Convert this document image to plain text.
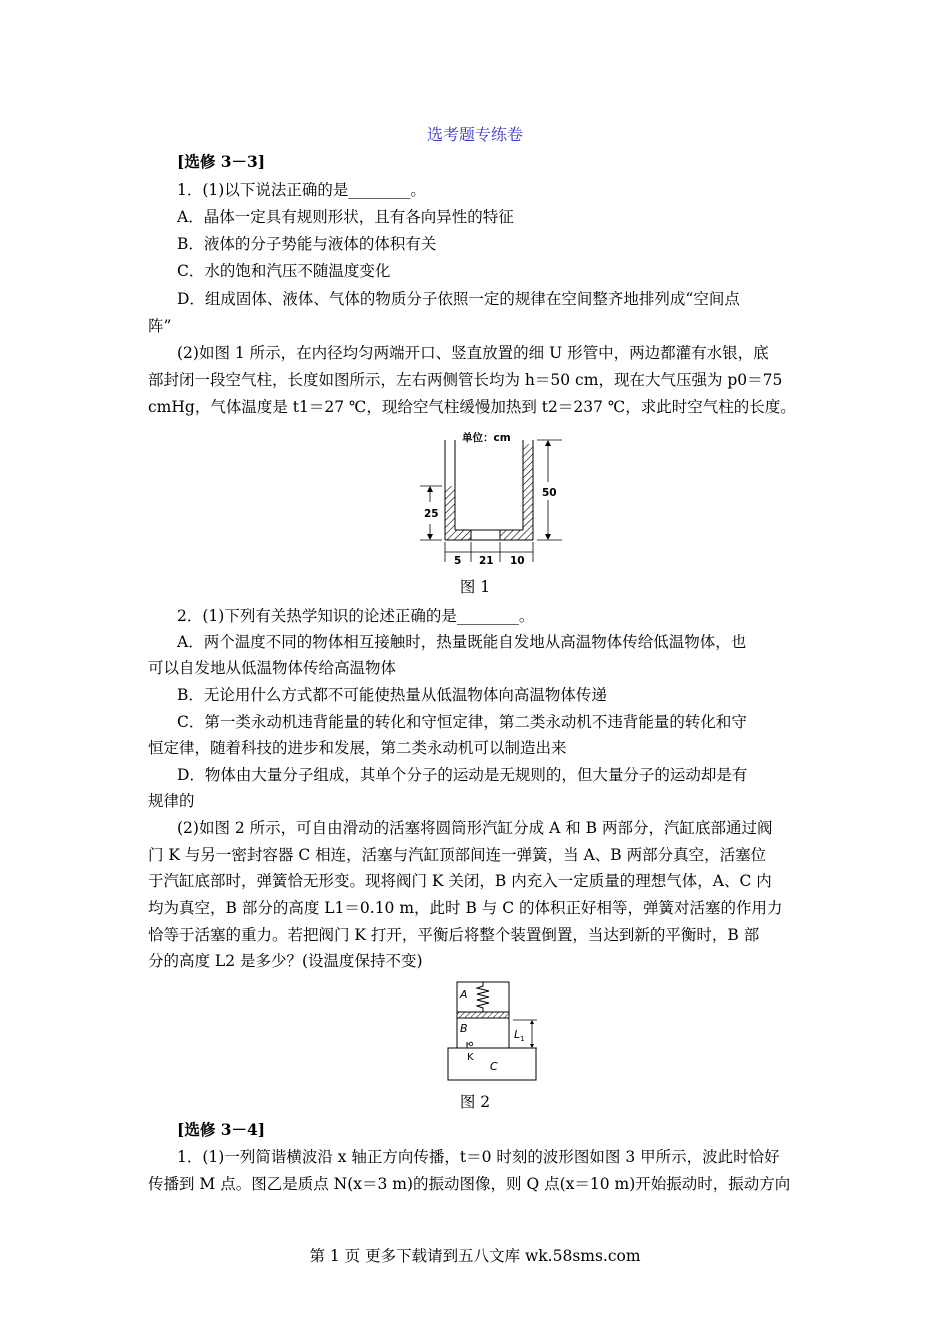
选考题专练卷
[选修 3－3]
1．(1)以下说法正确的是________。
A．晶体一定具有规则形状，且有各向异性的特征
B．液体的分子势能与液体的体积有关
C．水的饱和汽压不随温度变化
D．组成固体、液体、气体的物质分子依照一定的规律在空间整齐地排列成“空间点
阵”
(2)如图 1 所示，在内径均匀两端开口、竖直放置的细 U 形管中，两边都灌有水银，底
部封闭一段空气柱，长度如图所示，左右两侧管长均为 h＝50 cm，现在大气压强为 p0＝75
cmHg，气体温度是 t1＝27 ℃，现给空气柱缓慢加热到 t2＝237 ℃，求此时空气柱的长度。
单位：cm
25
50
5 21 10
图 1
2．(1)下列有关热学知识的论述正确的是________。
A．两个温度不同的物体相互接触时，热量既能自发地从高温物体传给低温物体，也
可以自发地从低温物体传给高温物体
B．无论用什么方式都不可能使热量从低温物体向高温物体传递
C．第一类永动机违背能量的转化和守恒定律，第二类永动机不违背能量的转化和守
恒定律，随着科技的进步和发展，第二类永动机可以制造出来
D．物体由大量分子组成，其单个分子的运动是无规则的，但大量分子的运动却是有
规律的
(2)如图 2 所示，可自由滑动的活塞将圆筒形汽缸分成 A 和 B 两部分，汽缸底部通过阀
门 K 与另一密封容器 C 相连，活塞与汽缸顶部间连一弹簧，当 A、B 两部分真空，活塞位
于汽缸底部时，弹簧恰无形变。现将阀门 K 关闭，B 内充入一定质量的理想气体，A、C 内
均为真空，B 部分的高度 L1＝0.10 m，此时 B 与 C 的体积正好相等，弹簧对活塞的作用力
恰等于活塞的重力。若把阀门 K 打开，平衡后将整个装置倒置，当达到新的平衡时，B 部
分的高度 L2 是多少？(设温度保持不变)
$L_1$
A
B
K
C
图 2
[选修 3－4]
1．(1)一列简谐横波沿 x 轴正方向传播，t＝0 时刻的波形图如图 3 甲所示，波此时恰好
传播到 M 点。图乙是质点 N(x＝3 m)的振动图像，则 Q 点(x＝10 m)开始振动时，振动方向
第 1 页 更多下载请到五八文库 wk.58sms.com
